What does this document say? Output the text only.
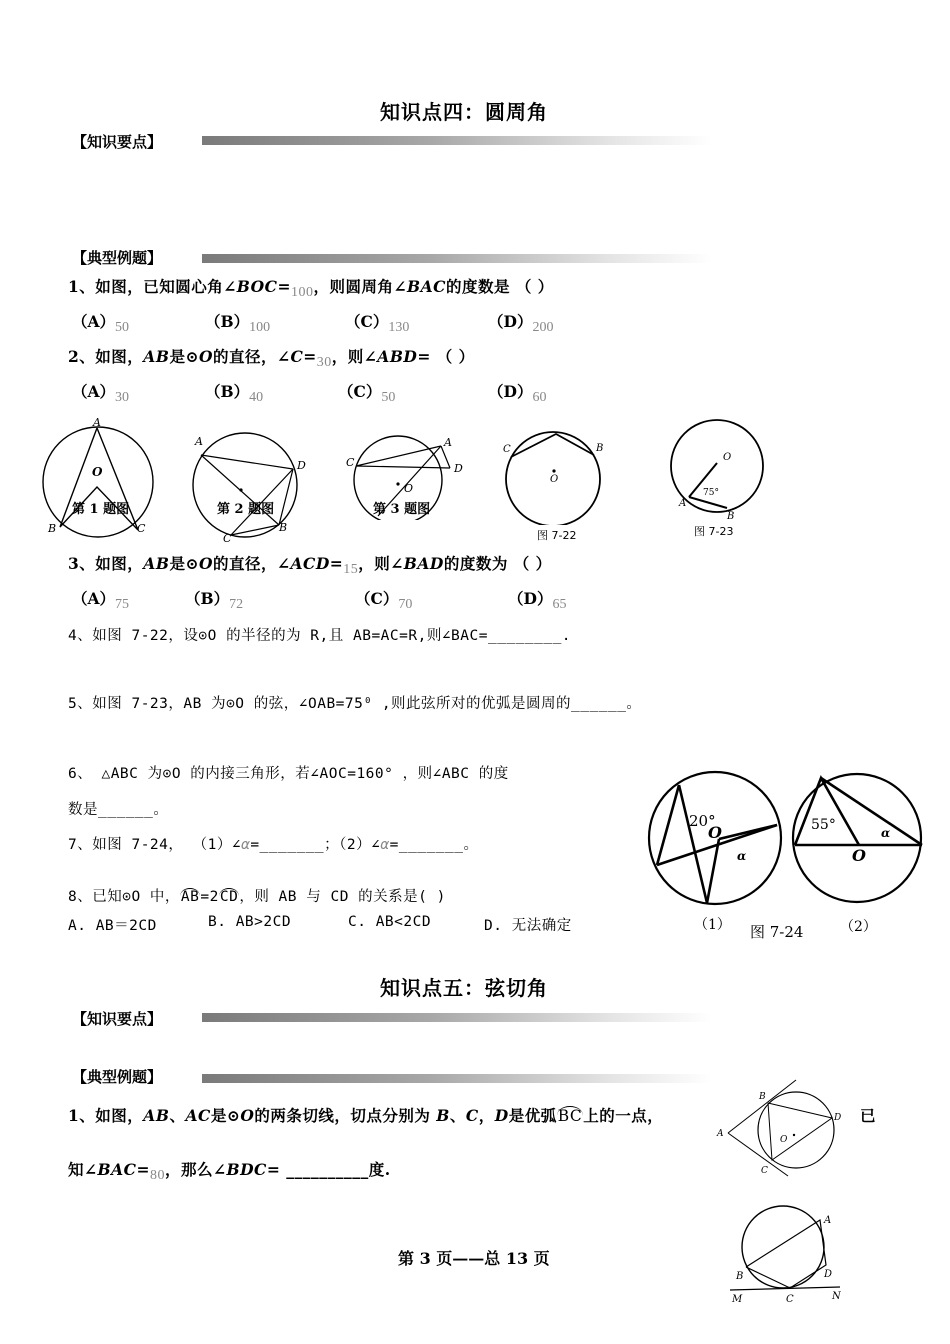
知识点四：圆周角
【知识要点】
【典型例题】
1、如图，已知圆心角∠BOC=100，则圆周角∠BAC的度数是 （ ）
（A）50	（B）100	（C）130	（D）200
2、如图，AB是⊙O的直径，∠C=30，则∠ABD= （ ）
（A）30	（B）40	（C）50	（D）60
A
O
B	C
第 1 题图
A
D
B
C
第 2 题图
A
C	D
O
第 3 题图
C	B
O
图 7-22
O
A
B
75°
图 7-23
3、如图，AB是⊙O的直径，∠ACD=15，则∠BAD的度数为 （ ）
（A）75	（B）72	（C）70	（D）65
4、如图 7-22，设⊙O 的半径的为 R,且 AB=AC=R,则∠BAC=________.
5、如图 7-23，AB 为⊙O 的弦，∠OAB=75⁰ ,则此弦所对的优弧是圆周的______。
6、 △ABC 为⊙O 的内接三角形，若∠AOC=160° ，则∠ABC 的度
数是______。
7、如图 7-24， （1）∠α=_______；（2）∠α=_______。
8、已知⊙O 中，AB=2CD，则 AB 与 CD 的关系是( )
A. AB＝2CD	B. AB>2CD	C. AB<2CD	D. 无法确定
20°
O
α
55°
O
α
（1） 图 7-24	（2）
知识点五：弦切角
【知识要点】
【典型例题】
1、如图，AB、AC是⊙O的两条切线，切点分别为 B、C，D是优弧BC上的一点，	已
知∠BAC=80，那么∠BDC= __________度.
B
A
D
O
C
A
B	D
M	C	N
第 3 页——总 13 页
